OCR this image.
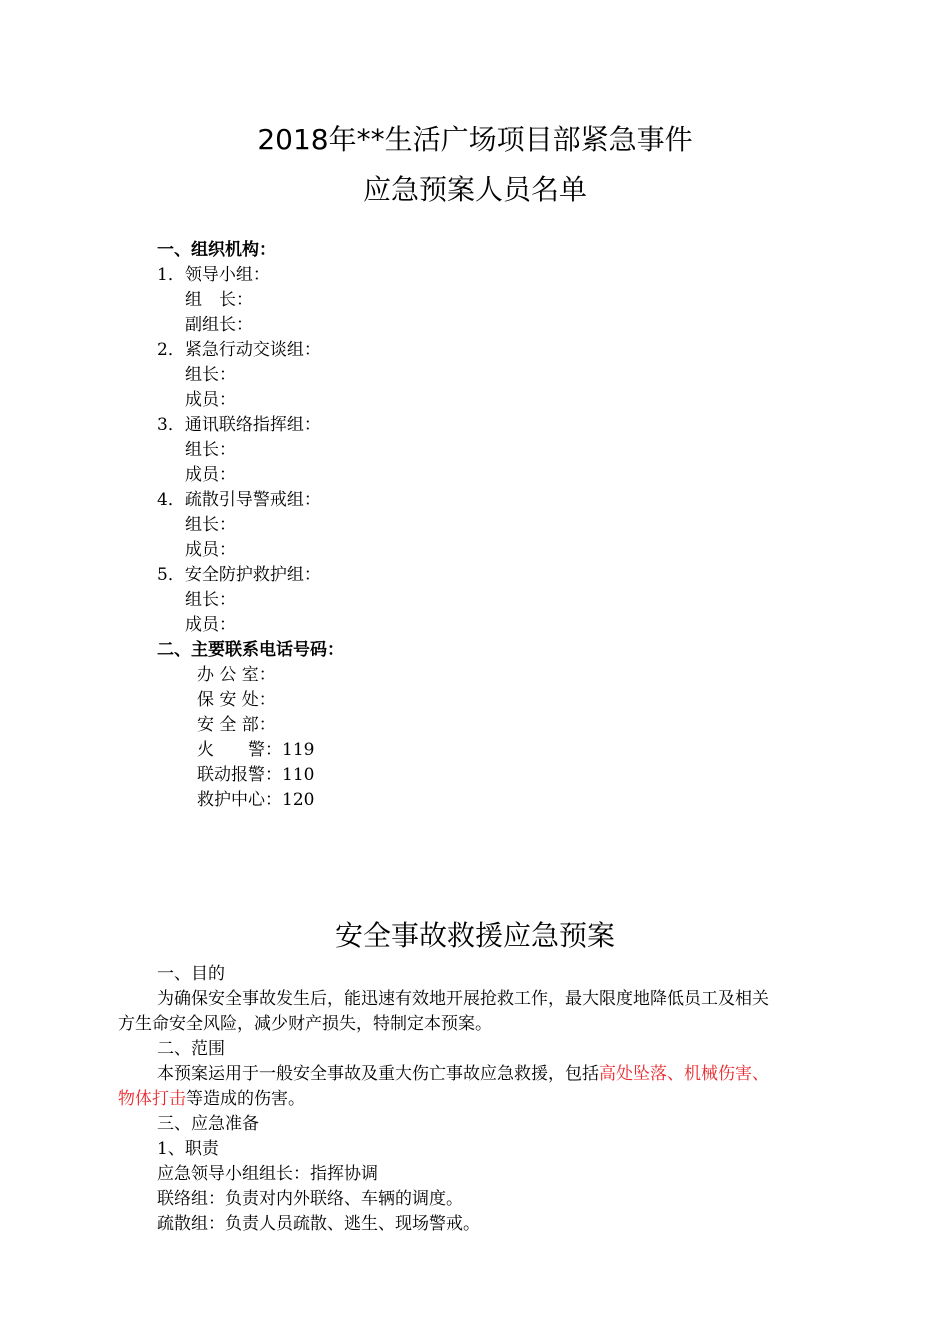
2018年**生活广场项目部紧急事件
应急预案人员名单
一、组织机构：
1．领导小组：
组　长：
副组长：
2．紧急行动交谈组：
组长：
成员：
3．通讯联络指挥组：
组长：
成员：
4．疏散引导警戒组：
组长：
成员：
5．安全防护救护组：
组长：
成员：
二、主要联系电话号码：
办 公 室：
保 安 处：
安 全 部：
火　　警：119
联动报警：110
救护中心：120
安全事故救援应急预案
一、目的
为确保安全事故发生后，能迅速有效地开展抢救工作，最大限度地降低员工及相关
方生命安全风险，减少财产损失，特制定本预案。
二、范围
本预案运用于一般安全事故及重大伤亡事故应急救援，包括高处坠落、机械伤害、
物体打击等造成的伤害。
三、应急准备
1、职责
应急领导小组组长：指挥协调
联络组：负责对内外联络、车辆的调度。
疏散组：负责人员疏散、逃生、现场警戒。
